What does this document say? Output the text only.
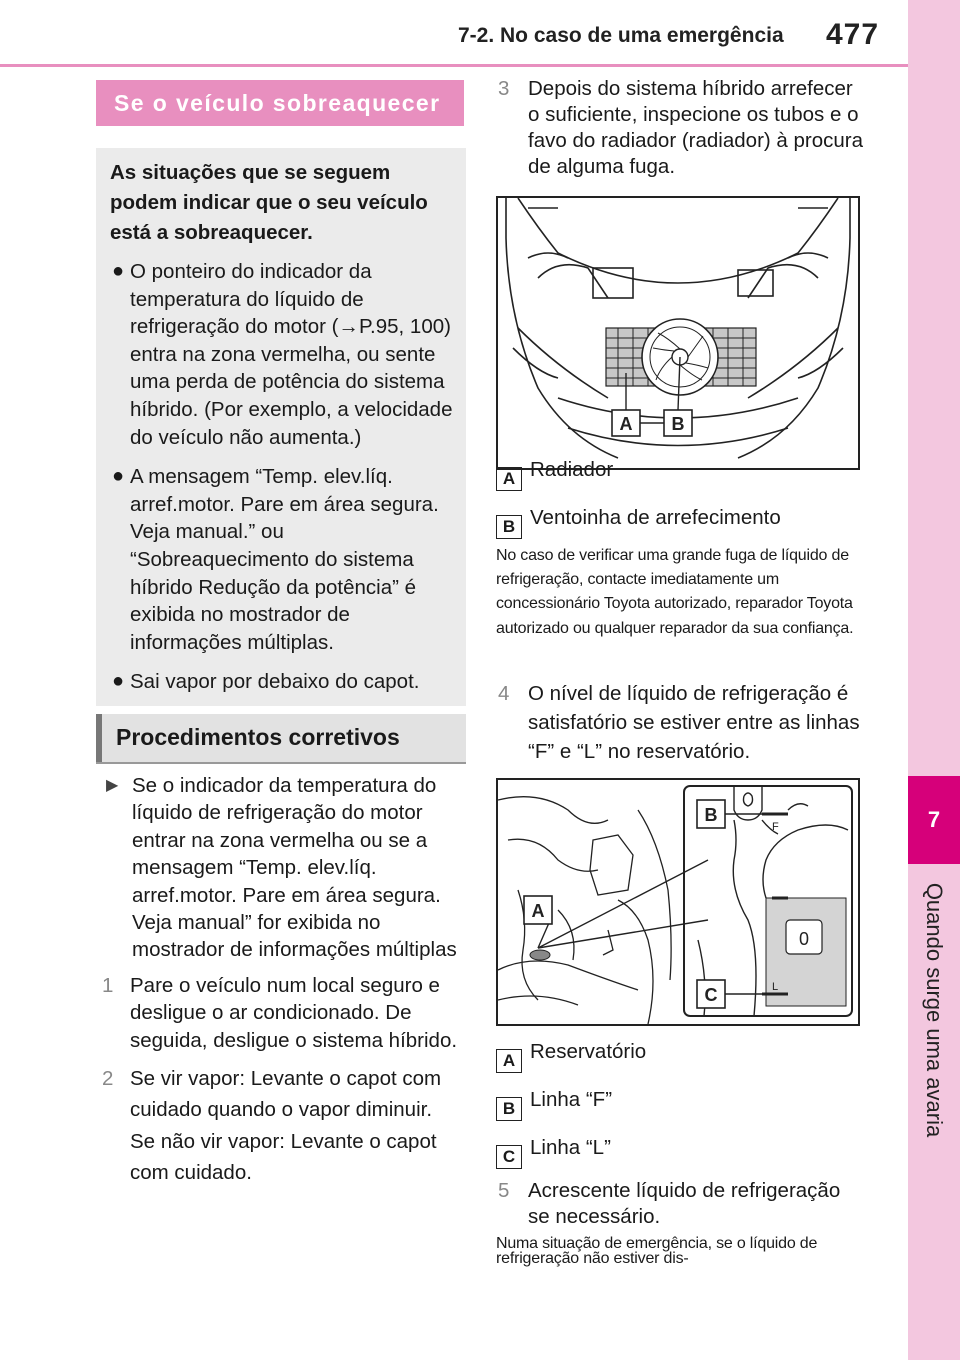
7-2. No caso de uma emergência 477
7
Quando surge uma avaria
Se o veículo sobreaquecer
As situações que se seguem podem indicar que o seu veículo está a sobreaquecer.
● O ponteiro do indicador da temperatura do líquido de refrigeração do motor (→P.95, 100) entra na zona vermelha, ou sente uma perda de potência do sistema híbrido. (Por exemplo, a velocidade do veículo não aumenta.)
● A mensagem “Temp. elev.líq. arref.motor. Pare em área segura. Veja manual.” ou “Sobreaquecimento do sistema híbrido Redução da potência” é exibida no mostrador de informações múltiplas.
● Sai vapor por debaixo do capot.
Procedimentos corretivos
▶ Se o indicador da temperatura do líquido de refrigeração do motor entrar na zona vermelha ou se a mensagem “Temp. elev.líq. arref.motor. Pare em área segura. Veja manual” for exibida no mostrador de informações múltiplas
1 Pare o veículo num local seguro e desligue o ar condicionado. De seguida, desligue o sistema híbrido.
2 Se vir vapor: Levante o capot com cuidado quando o vapor diminuir.
Se não vir vapor: Levante o capot com cuidado.
3 Depois do sistema híbrido arrefecer o suficiente, inspecione os tubos e o favo do radiador (radiador) à procura de alguma fuga.
A B
A Radiador
B Ventoinha de arrefecimento
No caso de verificar uma grande fuga de líquido de refrigeração, contacte imediatamente um concessionário Toyota autorizado, reparador Toyota autorizado ou qualquer reparador da sua confiança.
4 O nível de líquido de refrigeração é satisfatório se estiver entre as linhas “F” e “L” no reservatório.
0
F
L
B
C
A
A Reservatório
B Linha “F”
C Linha “L”
5 Acrescente líquido de refrigeração se necessário.
Numa situação de emergência, se o líquido de refrigeração não estiver dis-
